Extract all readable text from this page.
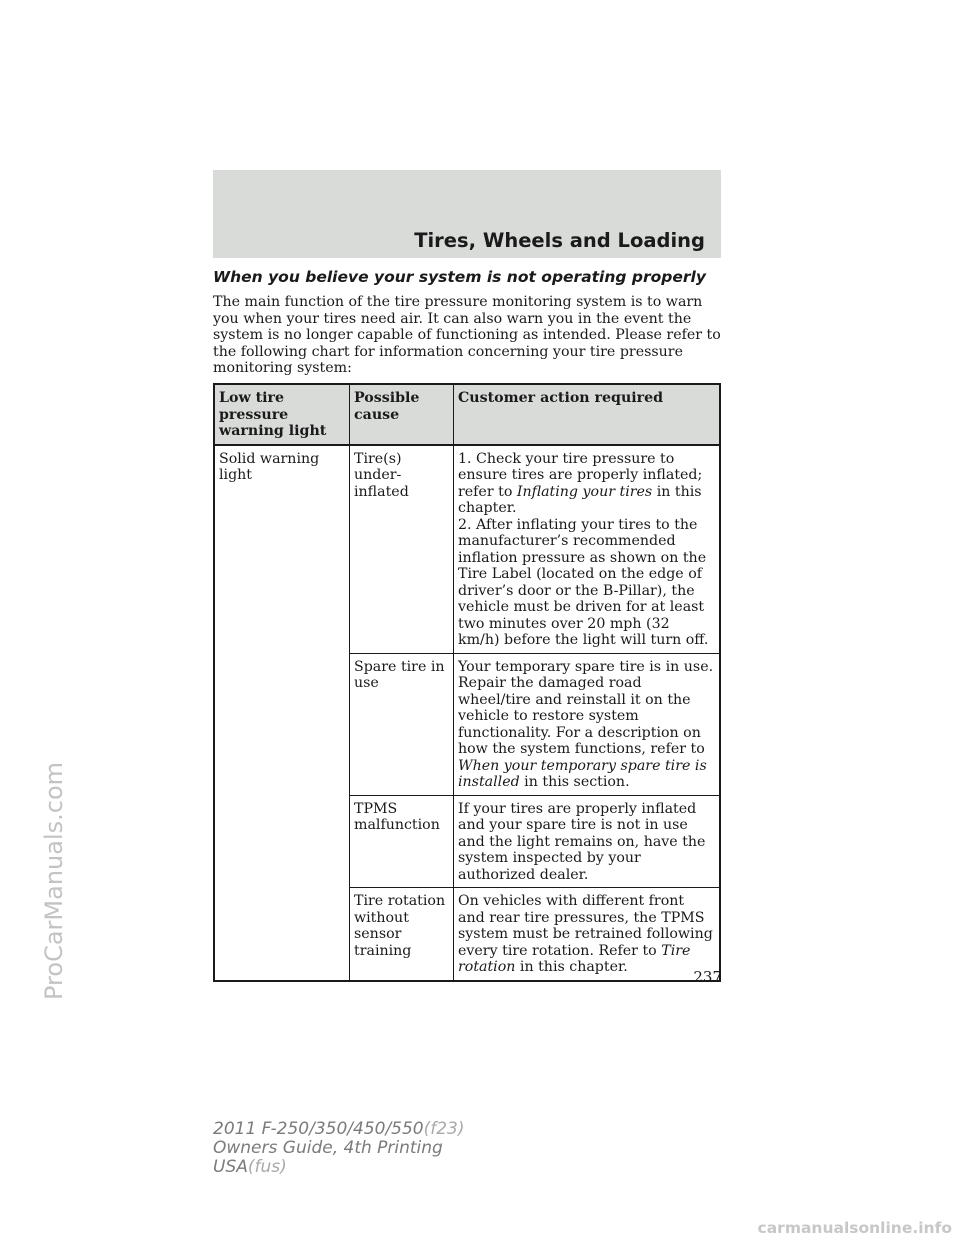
Tires, Wheels and Loading
When you believe your system is not operating properly
The main function of the tire pressure monitoring system is to warn you when your tires need air. It can also warn you in the event the system is no longer capable of functioning as intended. Please refer to the following chart for information concerning your tire pressure monitoring system:
Low tire pressure warning light	Possible cause	Customer action required
Solid warning light	Tire(s) under-inflated	1. Check your tire pressure to ensure tires are properly inflated; refer to Inflating your tires in this chapter.
2. After inflating your tires to the manufacturer’s recommended inflation pressure as shown on the Tire Label (located on the edge of driver’s door or the B-Pillar), the vehicle must be driven for at least two minutes over 20 mph (32 km/h) before the light will turn off.
	Spare tire in use	Your temporary spare tire is in use. Repair the damaged road wheel/tire and reinstall it on the vehicle to restore system functionality. For a description on how the system functions, refer to When your temporary spare tire is installed in this section.
	TPMS malfunction	If your tires are properly inflated and your spare tire is not in use and the light remains on, have the system inspected by your authorized dealer.
	Tire rotation without sensor training	On vehicles with different front and rear tire pressures, the TPMS system must be retrained following every tire rotation. Refer to Tire rotation in this chapter.
237
2011 F-250/350/450/550(f23)
Owners Guide, 4th Printing
USA(fus)
ProCarManuals.com
carmanualsonline.info
